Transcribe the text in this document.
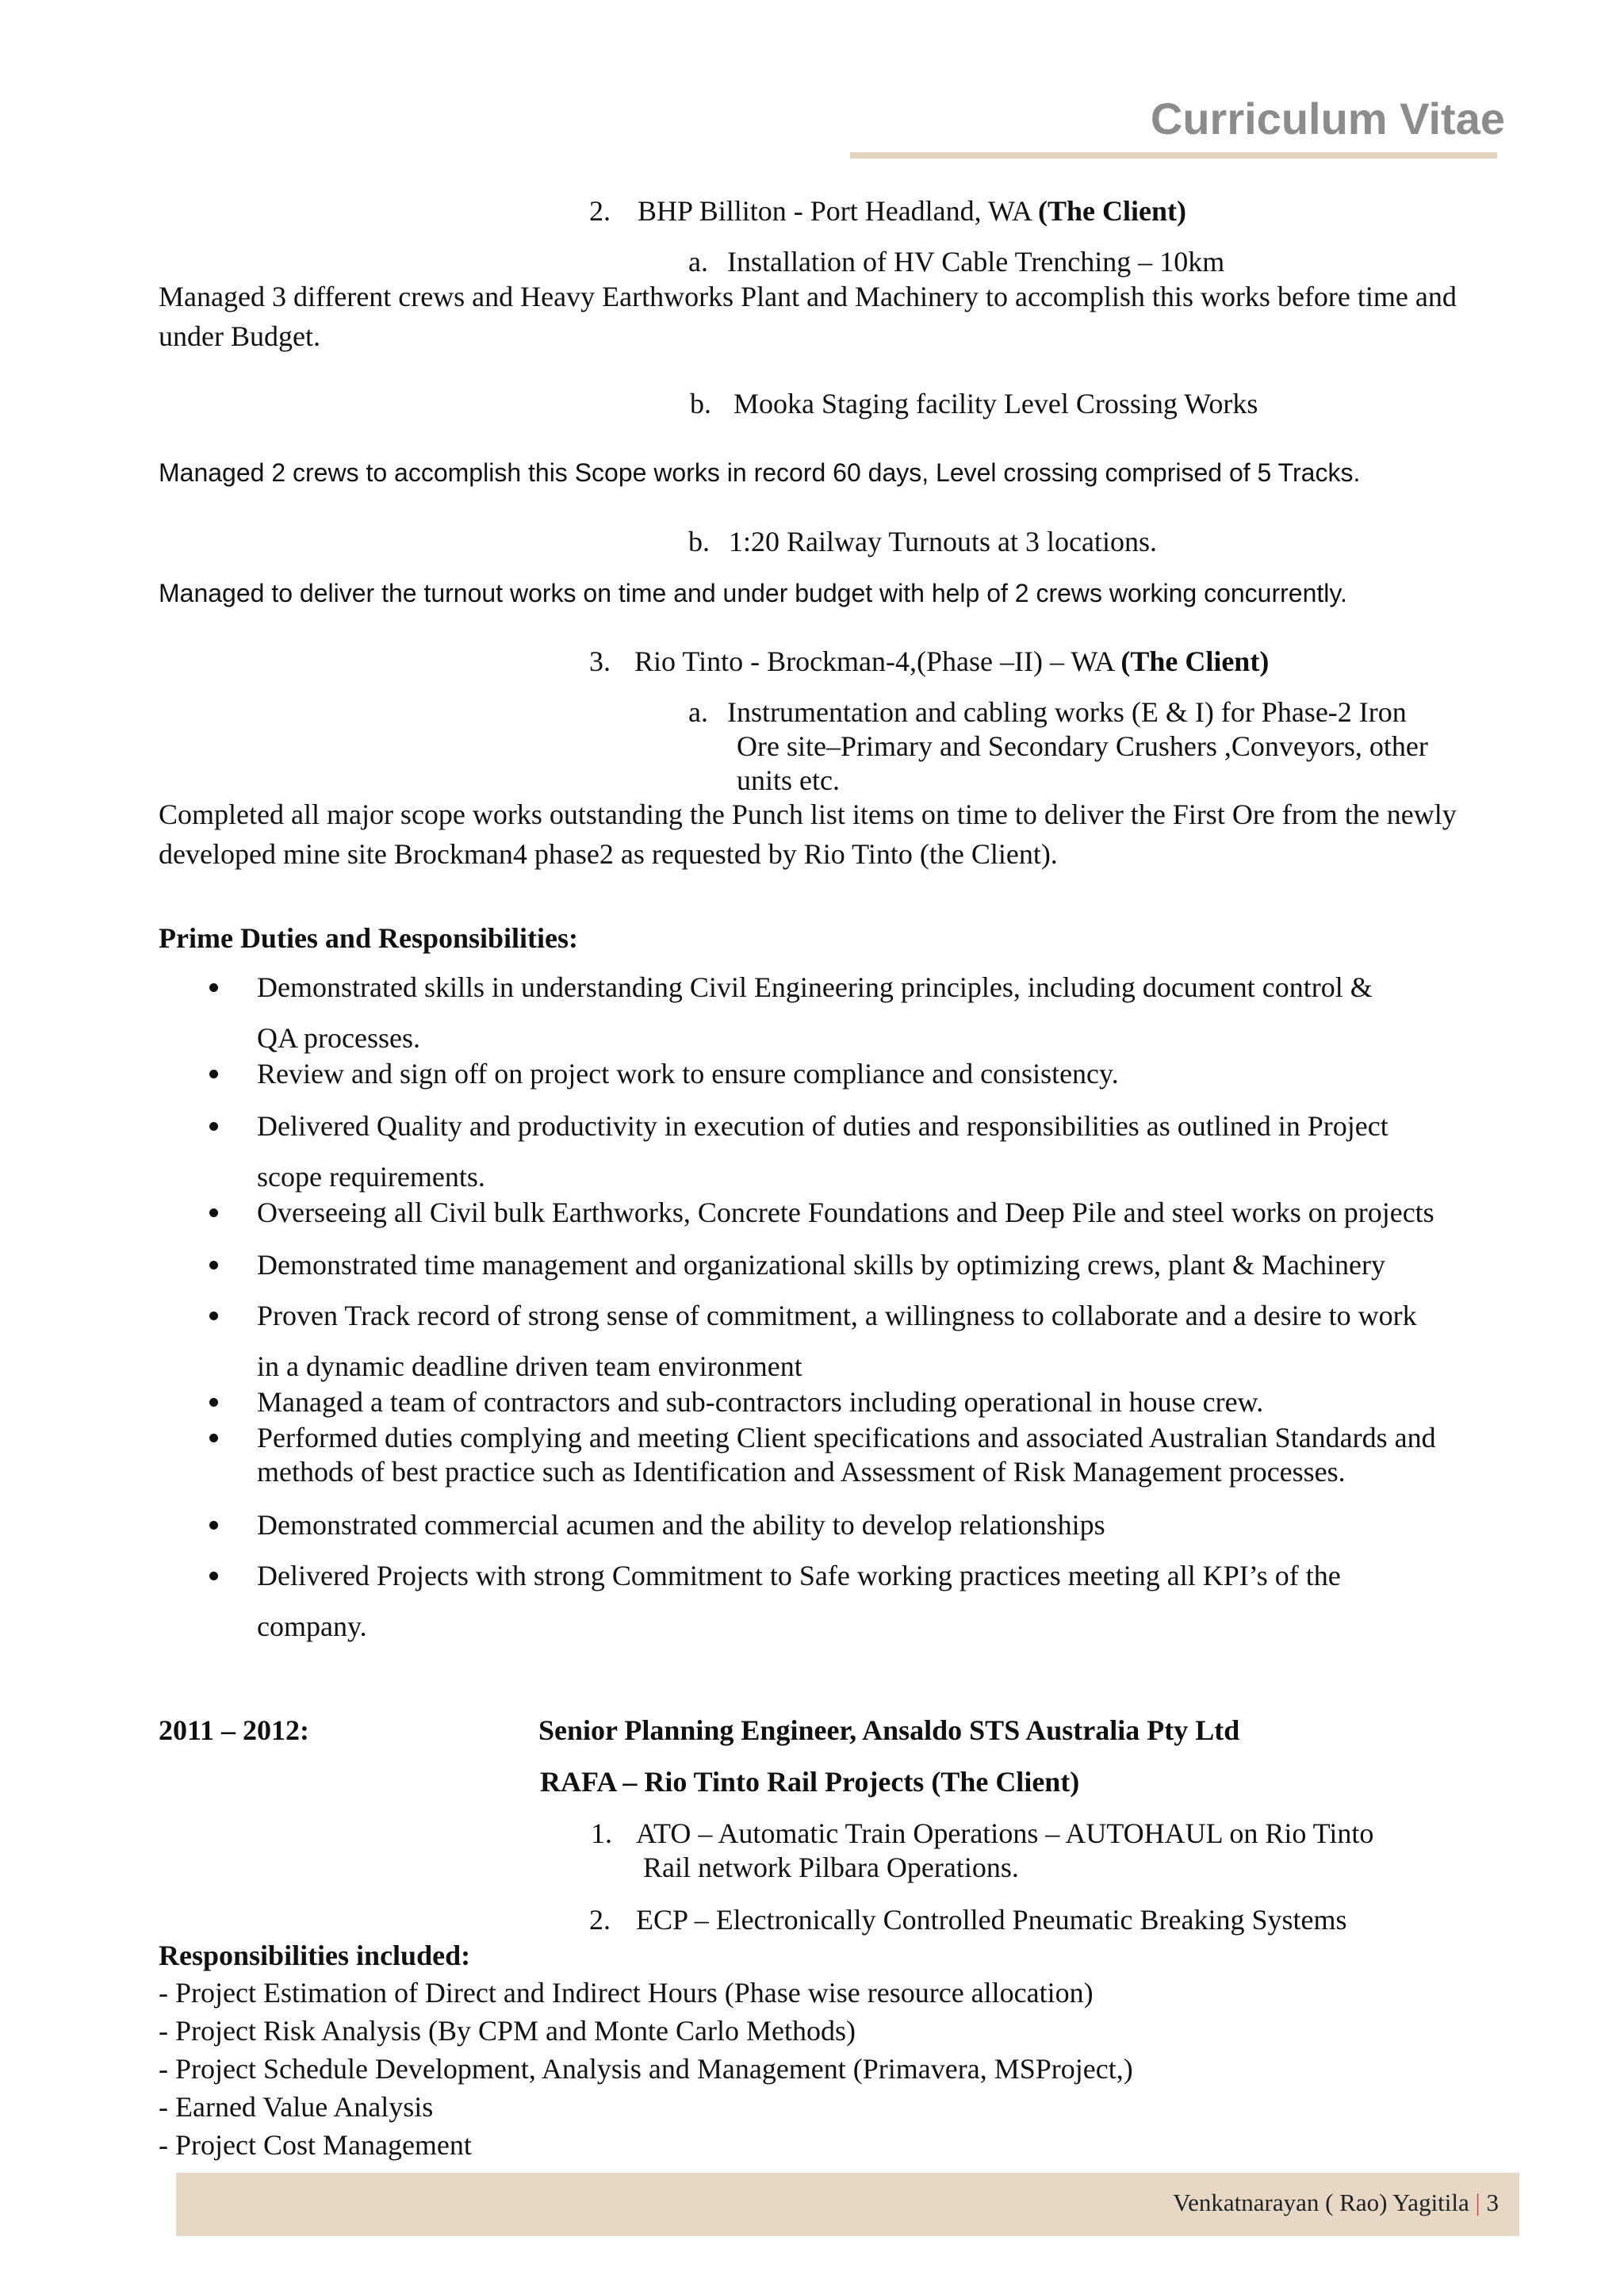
Curriculum Vitae
2. BHP Billiton - Port Headland, WA (The Client)
a. Installation of HV Cable Trenching – 10km
Managed 3 different crews and Heavy Earthworks Plant and Machinery to accomplish this works before time and
under Budget.
b. Mooka Staging facility Level Crossing Works
Managed 2 crews to accomplish this Scope works in record 60 days, Level crossing comprised of 5 Tracks.
b. 1:20 Railway Turnouts at 3 locations.
Managed to deliver the turnout works on time and under budget with help of 2 crews working concurrently.
3. Rio Tinto - Brockman-4,(Phase –II) – WA (The Client)
a. Instrumentation and cabling works (E & I) for Phase-2 Iron
Ore site–Primary and Secondary Crushers ,Conveyors, other
units etc.
Completed all major scope works outstanding the Punch list items on time to deliver the First Ore from the newly
developed mine site Brockman4 phase2 as requested by Rio Tinto (the Client).
Prime Duties and Responsibilities:
Demonstrated skills in understanding Civil Engineering principles, including document control &
QA processes.
Review and sign off on project work to ensure compliance and consistency.
Delivered Quality and productivity in execution of duties and responsibilities as outlined in Project
scope requirements.
Overseeing all Civil bulk Earthworks, Concrete Foundations and Deep Pile and steel works on projects
Demonstrated time management and organizational skills by optimizing crews, plant & Machinery
Proven Track record of strong sense of commitment, a willingness to collaborate and a desire to work
in a dynamic deadline driven team environment
Managed a team of contractors and sub-contractors including operational in house crew.
Performed duties complying and meeting Client specifications and associated Australian Standards and
methods of best practice such as Identification and Assessment of Risk Management processes.
Demonstrated commercial acumen and the ability to develop relationships
Delivered Projects with strong Commitment to Safe working practices meeting all KPI’s of the
company.
2011 – 2012:	Senior Planning Engineer, Ansaldo STS Australia Pty Ltd
RAFA – Rio Tinto Rail Projects (The Client)
1. ATO – Automatic Train Operations – AUTOHAUL on Rio Tinto
Rail network Pilbara Operations.
2. ECP – Electronically Controlled Pneumatic Breaking Systems
Responsibilities included:
- Project Estimation of Direct and Indirect Hours (Phase wise resource allocation)
- Project Risk Analysis (By CPM and Monte Carlo Methods)
- Project Schedule Development, Analysis and Management (Primavera, MSProject,)
- Earned Value Analysis
- Project Cost Management
Venkatnarayan ( Rao) Yagitila | 3
